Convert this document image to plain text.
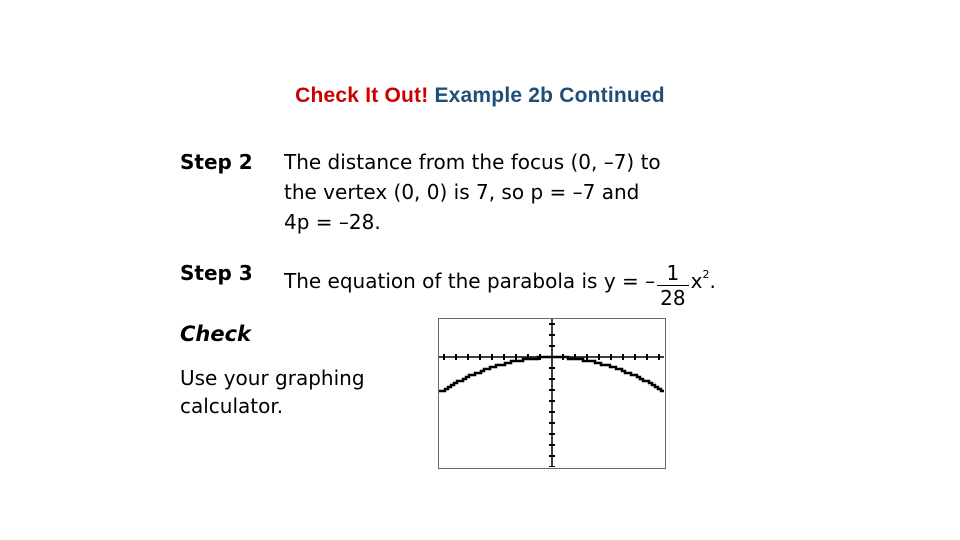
Check It Out! Example 2b Continued
Step 2 The distance from the focus (0, –7) to
the vertex (0, 0) is 7, so p = –7 and
4p = –28.
Step 3 The equation of the parabola is y = – $\frac{1}{28} x^2$.
Check
Use your graphing calculator.
